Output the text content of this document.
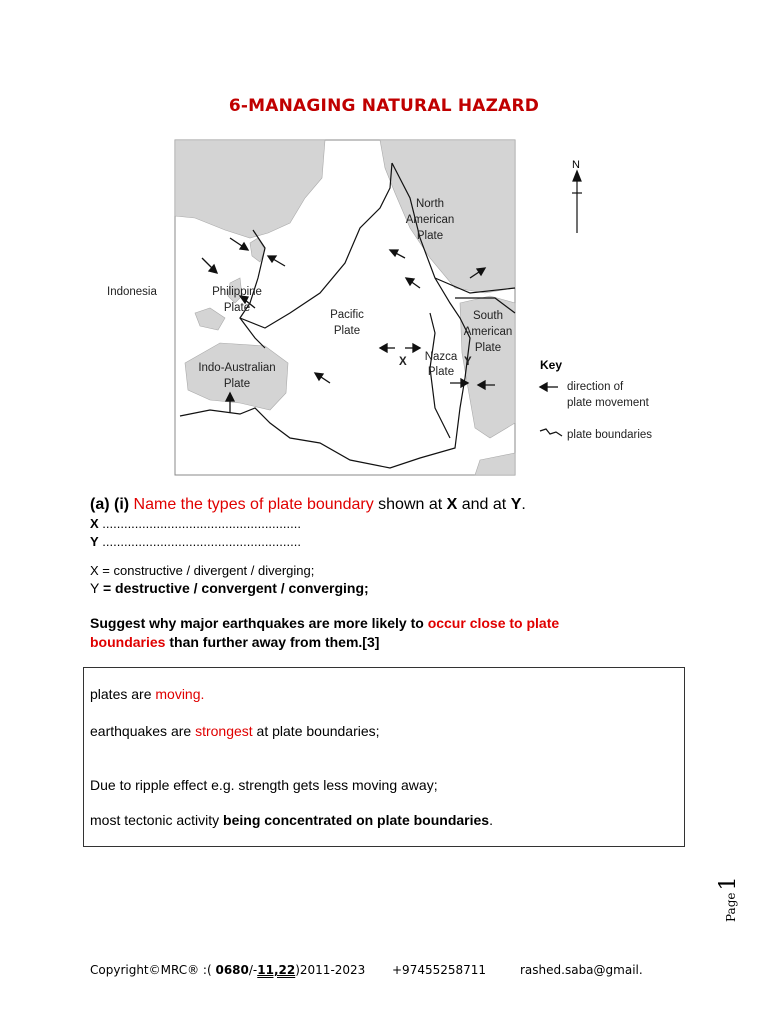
6-MANAGING NATURAL HAZARD
N
North American Plate
Indonesia	Philippine Plate
Pacific Plate
South American Plate
Nazca Plate
Indo-Australian Plate
X	Y	Key
direction of plate movement
plate boundaries
(a) (i) Name the types of plate boundary shown at X and at Y.
X .......................................................
Y .......................................................
X = constructive / divergent / diverging;
Y = destructive / convergent / converging;
Suggest why major earthquakes are more likely to occur close to plate boundaries than further away from them.[3]
plates are moving.
earthquakes are strongest at plate boundaries;
Due to ripple effect e.g. strength gets less moving away;
most tectonic activity being concentrated on plate boundaries.
Page1
Copyright©MRC® :( 0680/-11,22)2011-2023 +97455258711	rashed.saba@gmail.
